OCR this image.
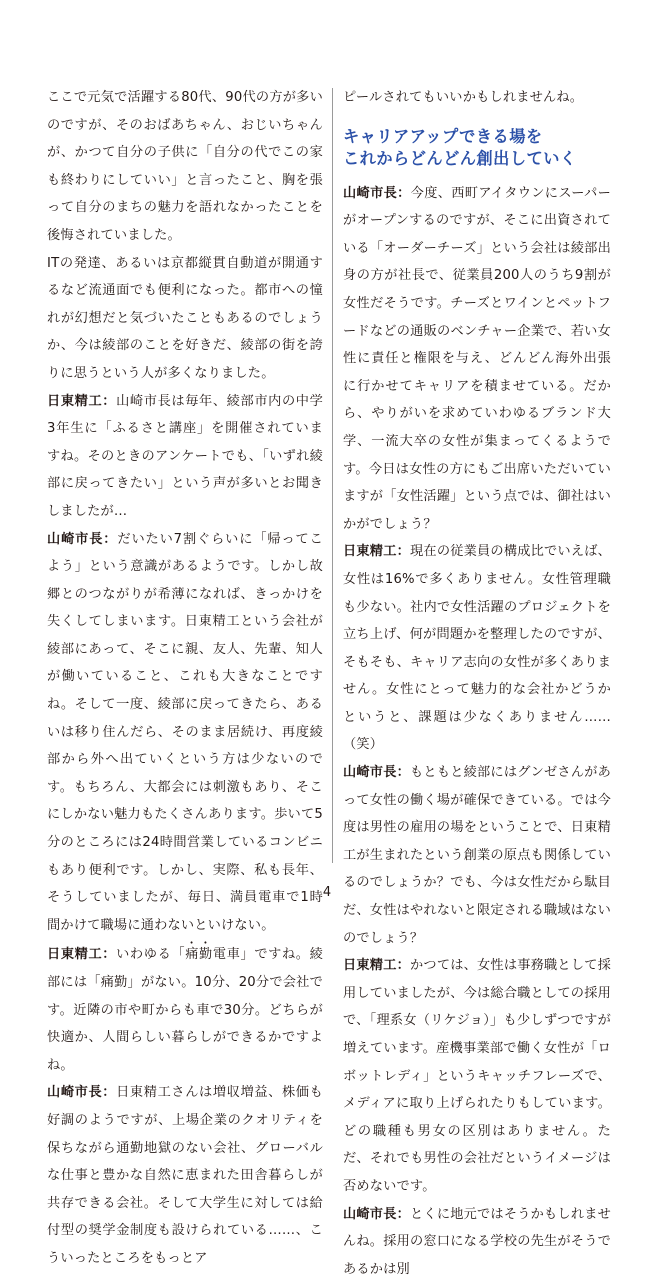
ここで元気で活躍する80代、90代の方が多いのですが、そのおばあちゃん、おじいちゃんが、かつて自分の子供に「自分の代でこの家も終わりにしていい」と言ったこと、胸を張って自分のまちの魅力を語れなかったことを後悔されていました。

ITの発達、あるいは京都縦貫自動道が開通するなど流通面でも便利になった。都市への憧れが幻想だと気づいたこともあるのでしょうか、今は綾部のことを好きだ、綾部の街を誇りに思うという人が多くなりました。

日東精工：山崎市長は毎年、綾部市内の中学3年生に「ふるさと講座」を開催されていますね。そのときのアンケートでも、「いずれ綾部に戻ってきたい」という声が多いとお聞きしましたが…

山崎市長：だいたい7割ぐらいに「帰ってこよう」という意識があるようです。しかし故郷とのつながりが希薄になれば、きっかけを失くしてしまいます。日東精工という会社が綾部にあって、そこに親、友人、先輩、知人が働いていること、これも大きなことですね。そして一度、綾部に戻ってきたら、あるいは移り住んだら、そのまま居続け、再度綾部から外へ出ていくという方は少ないのです。もちろん、大都会には刺激もあり、そこにしかない魅力もたくさんあります。歩いて5分のところには24時間営業しているコンビニもあり便利です。しかし、実際、私も長年、そうしていましたが、毎日、満員電車で1時間かけて職場に通わないといけない。

日東精工：いわゆる「痛勤電車」ですね。綾部には「痛勤」がない。10分、20分で会社です。近隣の市や町からも車で30分。どちらが快適か、人間らしい暮らしができるかですよね。

山崎市長：日東精工さんは増収増益、株価も好調のようですが、上場企業のクオリティを保ちながら通勤地獄のない会社、グローバルな仕事と豊かな自然に恵まれた田舎暮らしが共存できる会社。そして大学生に対しては給付型の奨学金制度も設けられている……、こういったところをもっとア

ピールされてもいいかもしれませんね。

キャリアアップできる場を
これからどんどん創出していく

山崎市長：今度、西町アイタウンにスーパーがオープンするのですが、そこに出資されている「オーダーチーズ」という会社は綾部出身の方が社長で、従業員200人のうち9割が女性だそうです。チーズとワインとペットフードなどの通販のベンチャー企業で、若い女性に責任と権限を与え、どんどん海外出張に行かせてキャリアを積ませている。だから、やりがいを求めていわゆるブランド大学、一流大卒の女性が集まってくるようです。今日は女性の方にもご出席いただいていますが「女性活躍」という点では、御社はいかがでしょう？

日東精工：現在の従業員の構成比でいえば、女性は16%で多くありません。女性管理職も少ない。社内で女性活躍のプロジェクトを立ち上げ、何が問題かを整理したのですが、そもそも、キャリア志向の女性が多くありません。女性にとって魅力的な会社かどうかというと、課題は少なくありません……（笑）

山崎市長：もともと綾部にはグンゼさんがあって女性の働く場が確保できている。では今度は男性の雇用の場をということで、日東精工が生まれたという創業の原点も関係しているのでしょうか？でも、今は女性だから駄目だ、女性はやれないと限定される職域はないのでしょう？

日東精工：かつては、女性は事務職として採用していましたが、今は総合職としての採用で、「理系女（リケジョ）」も少しずつですが増えています。産機事業部で働く女性が「ロボットレディ」というキャッチフレーズで、メディアに取り上げられたりもしています。どの職種も男女の区別はありません。ただ、それでも男性の会社だというイメージは否めないです。

山崎市長：とくに地元ではそうかもしれませんね。採用の窓口になる学校の先生がそうであるかは別

4
